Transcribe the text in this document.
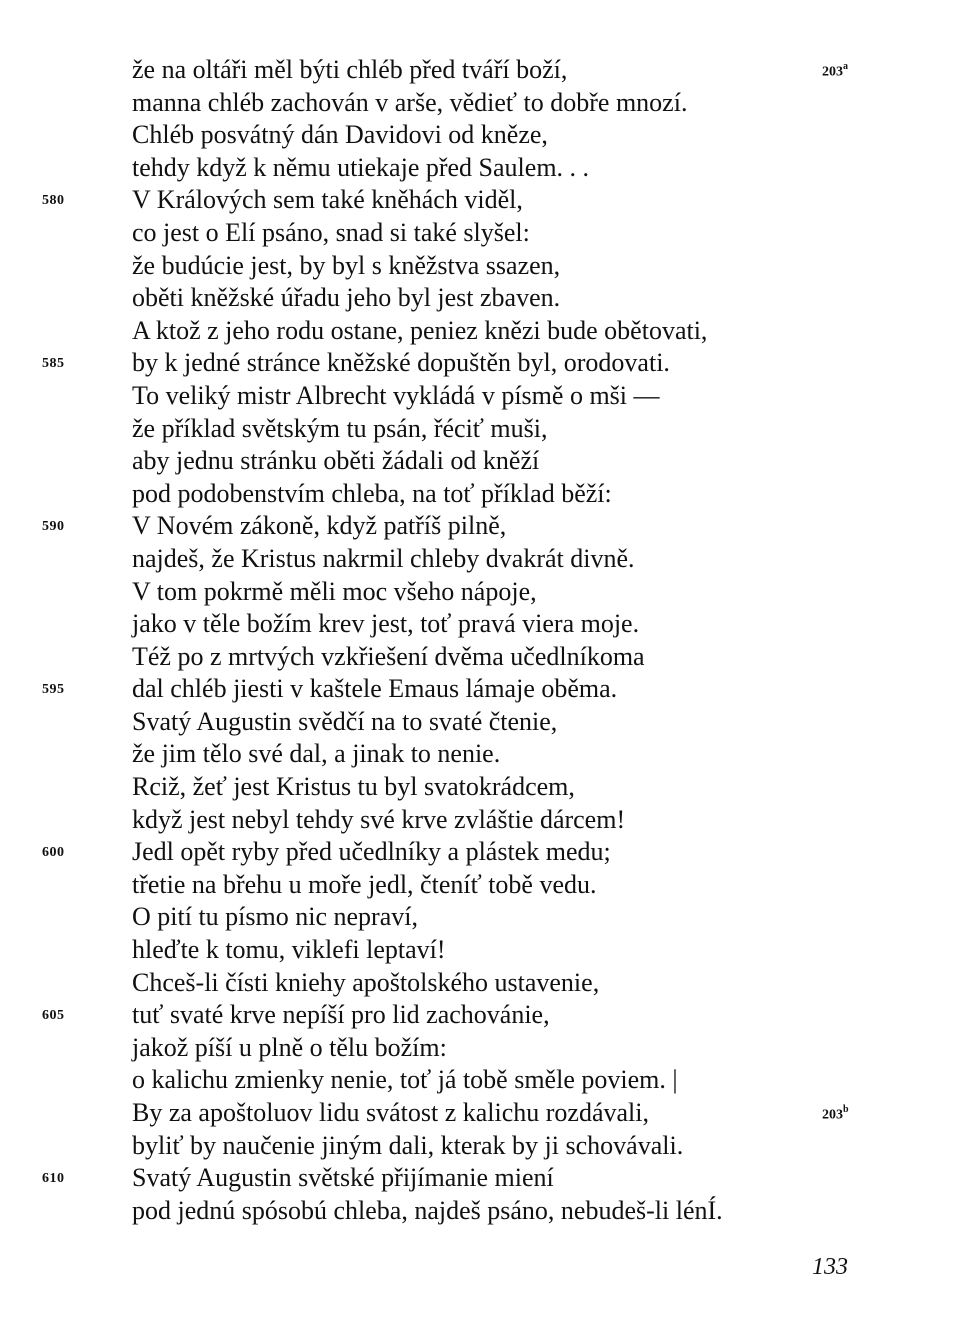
že na oltáři měl býti chléb před tváří boží,	203$^a$
manna chléb zachován v arše, vědieť to dobře mnozí.
Chléb posvátný dán Davidovi od kněze,
tehdy když k němu utiekaje před Saulem. . .
580	V Králových sem také kněhách viděl,
co jest o Elí psáno, snad si také slyšel:
že budúcie jest, by byl s kněžstva ssazen,
oběti kněžské úřadu jeho byl jest zbaven.
A ktož z jeho rodu ostane, peniez knězi bude obětovati,
585	by k jedné stránce kněžské dopuštěn byl, orodovati.
To veliký mistr Albrecht vykládá v písmě o mši —
že příklad světským tu psán, řéciť muši,
aby jednu stránku oběti žádali od kněží
pod podobenstvím chleba, na toť příklad běží:
590	V Novém zákoně, když patříš pilně,
najdeš, že Kristus nakrmil chleby dvakrát divně.
V tom pokrmě měli moc všeho nápoje,
jako v těle božím krev jest, toť pravá viera moje.
Též po z mrtvých vzkřiešení dvěma učedlníkoma
595	dal chléb jiesti v kaštele Emaus lámaje oběma.
Svatý Augustin svědčí na to svaté čtenie,
že jim tělo své dal, a jinak to nenie.
Rciž, žeť jest Kristus tu byl svatokrádcem,
když jest nebyl tehdy své krve zvláštie dárcem!
600	Jedl opět ryby před učedlníky a plástek medu;
třetie na břehu u moře jedl, čteníť tobě vedu.
O pití tu písmo nic nepraví,
hleďte k tomu, viklefi leptaví!
Chceš-li čísti kniehy apoštolského ustavenie,
605	tuť svaté krve nepíší pro lid zachovánie,
jakož píší u plně o tělu božím:
o kalichu zmienky nenie, toť já tobě směle poviem. |
By za apoštoluov lidu svátost z kalichu rozdávali,	203$^b$
byliť by naučenie jiným dali, kterak by ji schovávali.
610	Svatý Augustin světské přijímanie miení
pod jednú spósobú chleba, najdeš psáno, nebudeš-li lénÍ.
133
